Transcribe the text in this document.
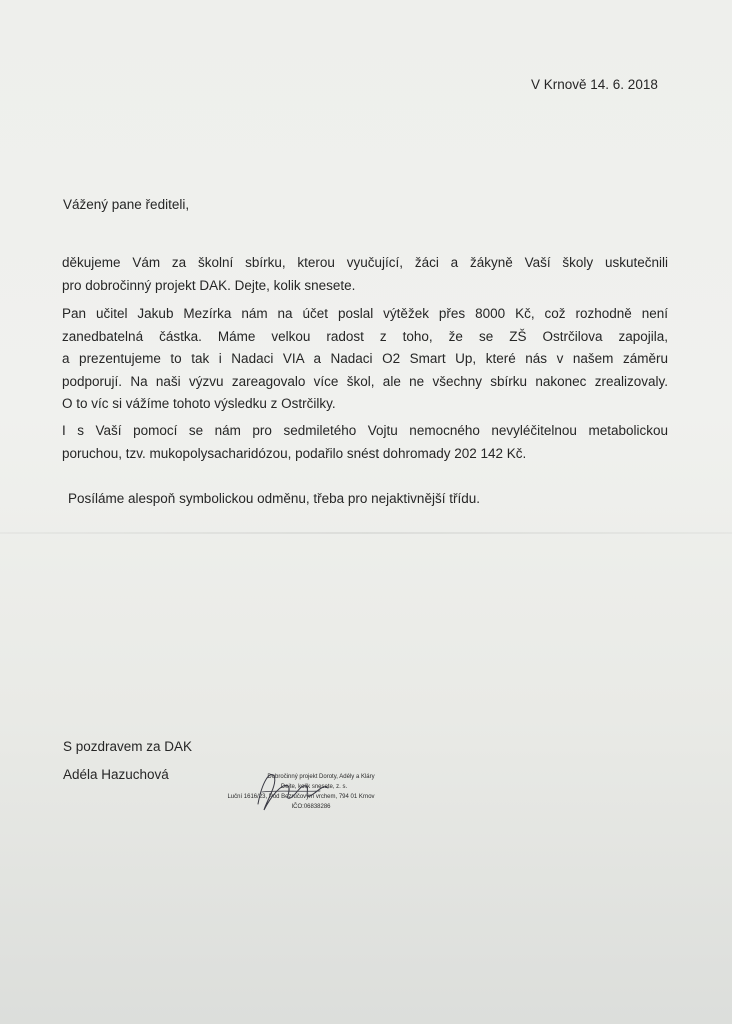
V Krnově 14. 6. 2018
Vážený pane řediteli,
děkujeme Vám za školní sbírku, kterou vyučující, žáci a žákyně Vaší školy uskutečnili
pro dobročinný projekt DAK. Dejte, kolik snesete.
Pan učitel Jakub Mezírka nám na účet poslal výtěžek přes 8000 Kč, což rozhodně není
zanedbatelná částka. Máme velkou radost z toho, že se ZŠ Ostrčilova zapojila,
a prezentujeme to tak i Nadaci VIA a Nadaci O2 Smart Up, které nás v našem záměru
podporují. Na naši výzvu zareagovalo více škol, ale ne všechny sbírku nakonec zrealizovaly.
O to víc si vážíme tohoto výsledku z Ostrčilky.
I s Vaší pomocí se nám pro sedmiletého Vojtu nemocného nevyléčitelnou metabolickou
poruchou, tzv. mukopolysacharidózou, podařilo snést dohromady 202 142 Kč.
Posíláme alespoň symbolickou odměnu, třeba pro nejaktivnější třídu.
S pozdravem za DAK
Adéla Hazuchová	Dobročinný projekt Doroty, Adély a Kláry
Dejte, kolik snesete, z. s.
Luční 1616/23, Pod Bezručovým vrchem, 794 01 Krnov
IČO:06838286
